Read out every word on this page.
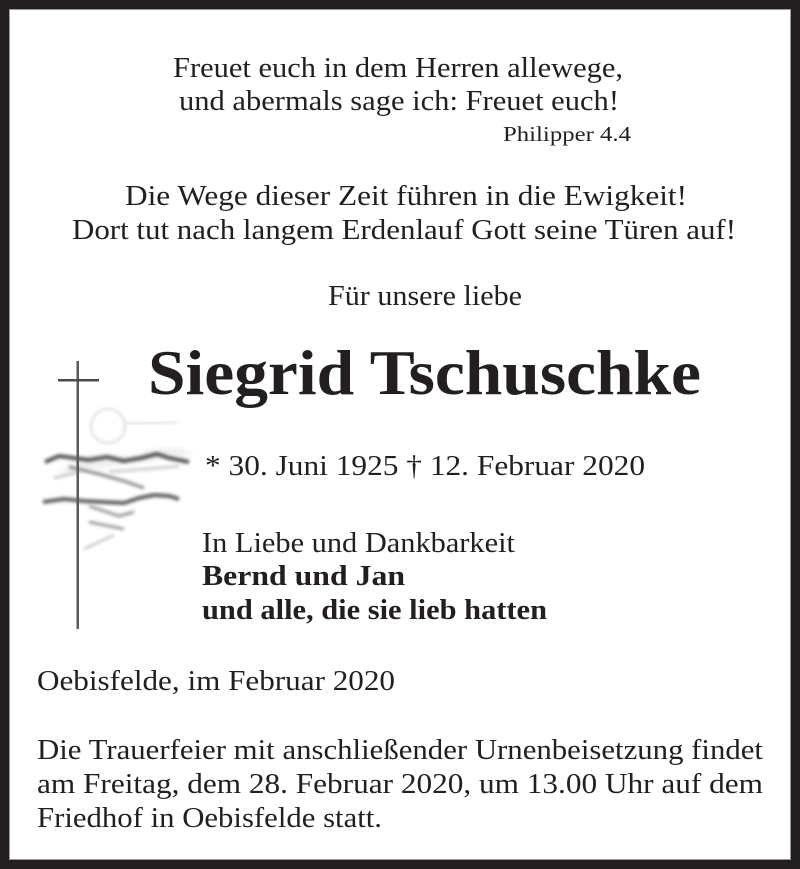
Freuet euch in dem Herren allewege,
und abermals sage ich: Freuet euch!
Philipper 4.4
Die Wege dieser Zeit führen in die Ewigkeit!
Dort tut nach langem Erdenlauf Gott seine Türen auf!
Für unsere liebe
Siegrid Tschuschke
* 30. Juni 1925 † 12. Februar 2020
In Liebe und Dankbarkeit
Bernd und Jan
und alle, die sie lieb hatten
Oebisfelde, im Februar 2020
Die Trauerfeier mit anschließender Urnenbeisetzung findet
am Freitag, dem 28. Februar 2020, um 13.00 Uhr auf dem
Friedhof in Oebisfelde statt.
